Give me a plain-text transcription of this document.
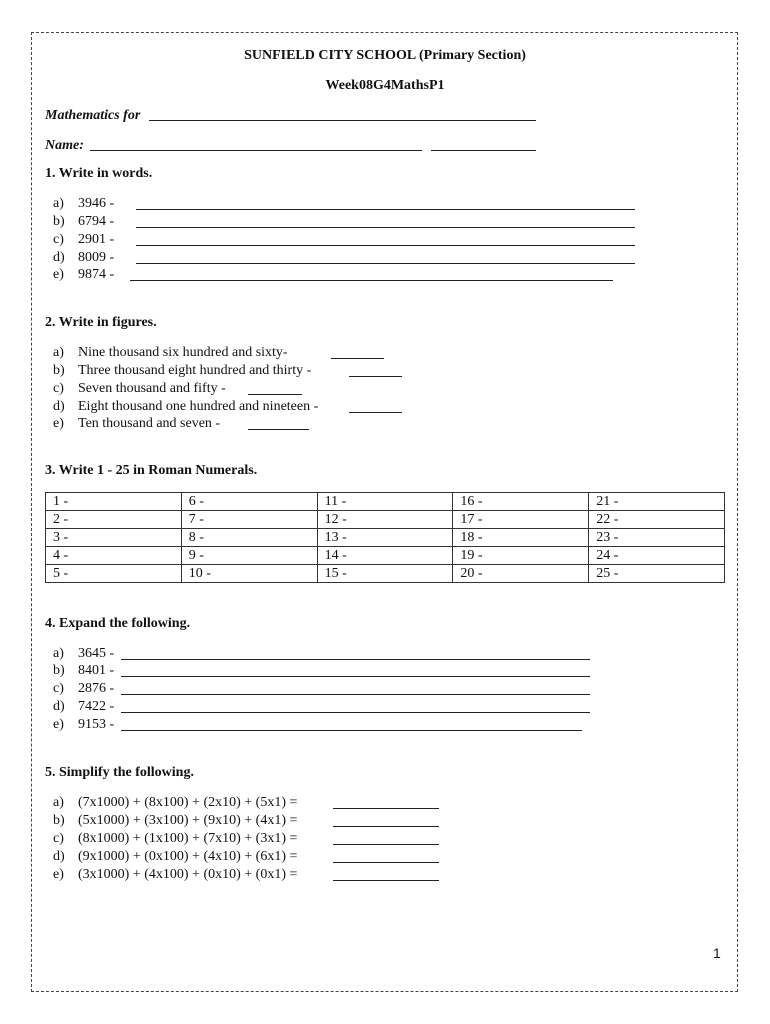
SUNFIELD CITY SCHOOL (Primary Section)
Week08G4MathsP1
Mathematics for
Name:
1. Write in words.
a) 3946 -
b) 6794 -
c) 2901 -
d) 8009 -
e) 9874 -
2. Write in figures.
a) Nine thousand six hundred and sixty-
b) Three thousand eight hundred and thirty -
c) Seven thousand and fifty -
d) Eight thousand one hundred and nineteen -
e) Ten thousand and seven -
3. Write 1 - 25 in Roman Numerals.
1 -	6 -	11 -	16 -	21 -
2 -	7 -	12 -	17 -	22 -
3 -	8 -	13 -	18 -	23 -
4 -	9 -	14 -	19 -	24 -
5 -	10 -	15 -	20 -	25 -
4. Expand the following.
a) 3645 -
b) 8401 -
c) 2876 -
d) 7422 -
e) 9153 -
5. Simplify the following.
a) (7x1000) + (8x100) + (2x10) + (5x1) =
b) (5x1000) + (3x100) + (9x10) + (4x1) =
c) (8x1000) + (1x100) + (7x10) + (3x1) =
d) (9x1000) + (0x100) + (4x10) + (6x1) =
e) (3x1000) + (4x100) + (0x10) + (0x1) =
1
